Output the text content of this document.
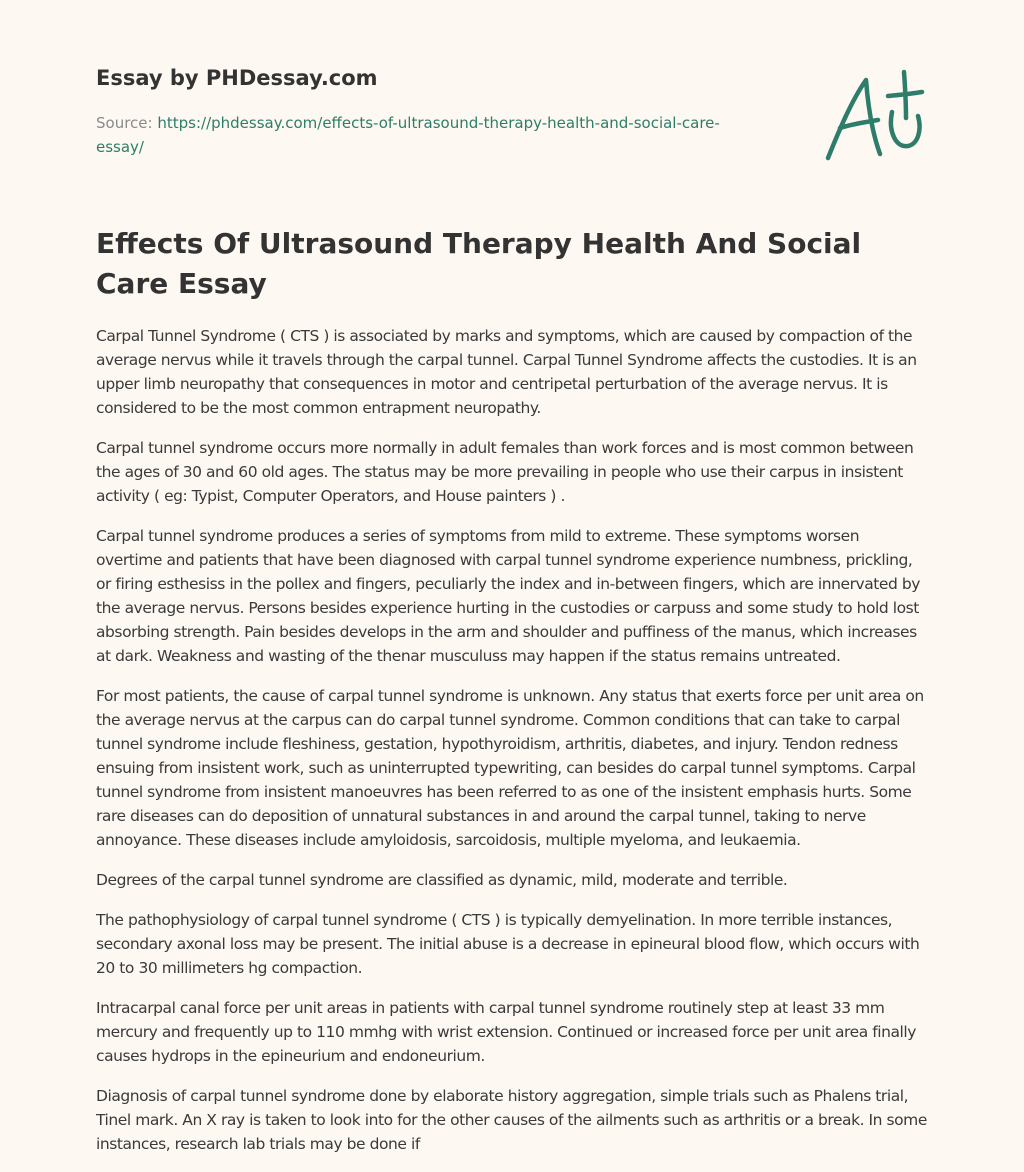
Essay by PHDessay.com
Source: https://phdessay.com/effects-of-ultrasound-therapy-health-and-social-care-essay/
Effects Of Ultrasound Therapy Health And Social Care Essay

Carpal Tunnel Syndrome ( CTS ) is associated by marks and symptoms, which are caused by compaction of the average nervus while it travels through the carpal tunnel. Carpal Tunnel Syndrome affects the custodies. It is an upper limb neuropathy that consequences in motor and centripetal perturbation of the average nervus. It is considered to be the most common entrapment neuropathy.

Carpal tunnel syndrome occurs more normally in adult females than work forces and is most common between the ages of 30 and 60 old ages. The status may be more prevailing in people who use their carpus in insistent activity ( eg: Typist, Computer Operators, and House painters ) .

Carpal tunnel syndrome produces a series of symptoms from mild to extreme. These symptoms worsen overtime and patients that have been diagnosed with carpal tunnel syndrome experience numbness, prickling, or firing esthesiss in the pollex and fingers, peculiarly the index and in-between fingers, which are innervated by the average nervus. Persons besides experience hurting in the custodies or carpuss and some study to hold lost absorbing strength. Pain besides develops in the arm and shoulder and puffiness of the manus, which increases at dark. Weakness and wasting of the thenar musculuss may happen if the status remains untreated.

For most patients, the cause of carpal tunnel syndrome is unknown. Any status that exerts force per unit area on the average nervus at the carpus can do carpal tunnel syndrome. Common conditions that can take to carpal tunnel syndrome include fleshiness, gestation, hypothyroidism, arthritis, diabetes, and injury. Tendon redness ensuing from insistent work, such as uninterrupted typewriting, can besides do carpal tunnel symptoms. Carpal tunnel syndrome from insistent manoeuvres has been referred to as one of the insistent emphasis hurts. Some rare diseases can do deposition of unnatural substances in and around the carpal tunnel, taking to nerve annoyance. These diseases include amyloidosis, sarcoidosis, multiple myeloma, and leukaemia.

Degrees of the carpal tunnel syndrome are classified as dynamic, mild, moderate and terrible.

The pathophysiology of carpal tunnel syndrome ( CTS ) is typically demyelination. In more terrible instances, secondary axonal loss may be present. The initial abuse is a decrease in epineural blood flow, which occurs with 20 to 30 millimeters hg compaction.

Intracarpal canal force per unit areas in patients with carpal tunnel syndrome routinely step at least 33 mm mercury and frequently up to 110 mmhg with wrist extension. Continued or increased force per unit area finally causes hydrops in the epineurium and endoneurium.

Diagnosis of carpal tunnel syndrome done by elaborate history aggregation, simple trials such as Phalens trial, Tinel mark. An X ray is taken to look into for the other causes of the ailments such as arthritis or a break. In some instances, research lab trials may be done if
